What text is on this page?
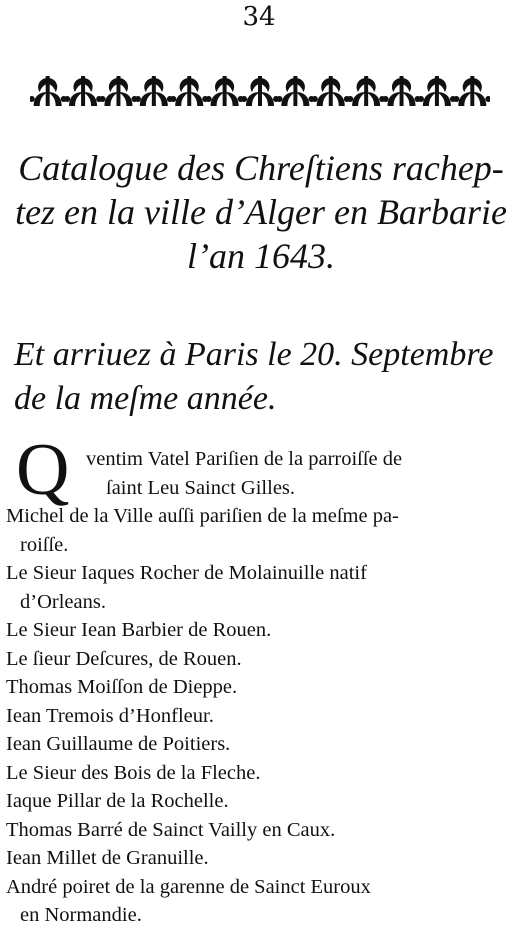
34
Catalogue des Chreſtiens racheptez en la ville d’Alger en Barbarie l’an 1643.
Et arriuez à Paris le 20. Septembre de la meſme année.
Q ventim Vatel Pariſien de la parroiſſe de
ſaint Leu Sainct Gilles.

Michel de la Ville auſſi pariſien de la meſme pa-
roiſſe.

Le Sieur Iaques Rocher de Molainuille natif
d’Orleans.

Le Sieur Iean Barbier de Rouen.

Le ſieur Deſcures, de Rouen.

Thomas Moiſſon de Dieppe.

Iean Tremois d’Honfleur.

Iean Guillaume de Poitiers.

Le Sieur des Bois de la Fleche.

Iaque Pillar de la Rochelle.

Thomas Barré de Sainct Vailly en Caux.

Iean Millet de Granuille.

André poiret de la garenne de Sainct Euroux
en Normandie.
